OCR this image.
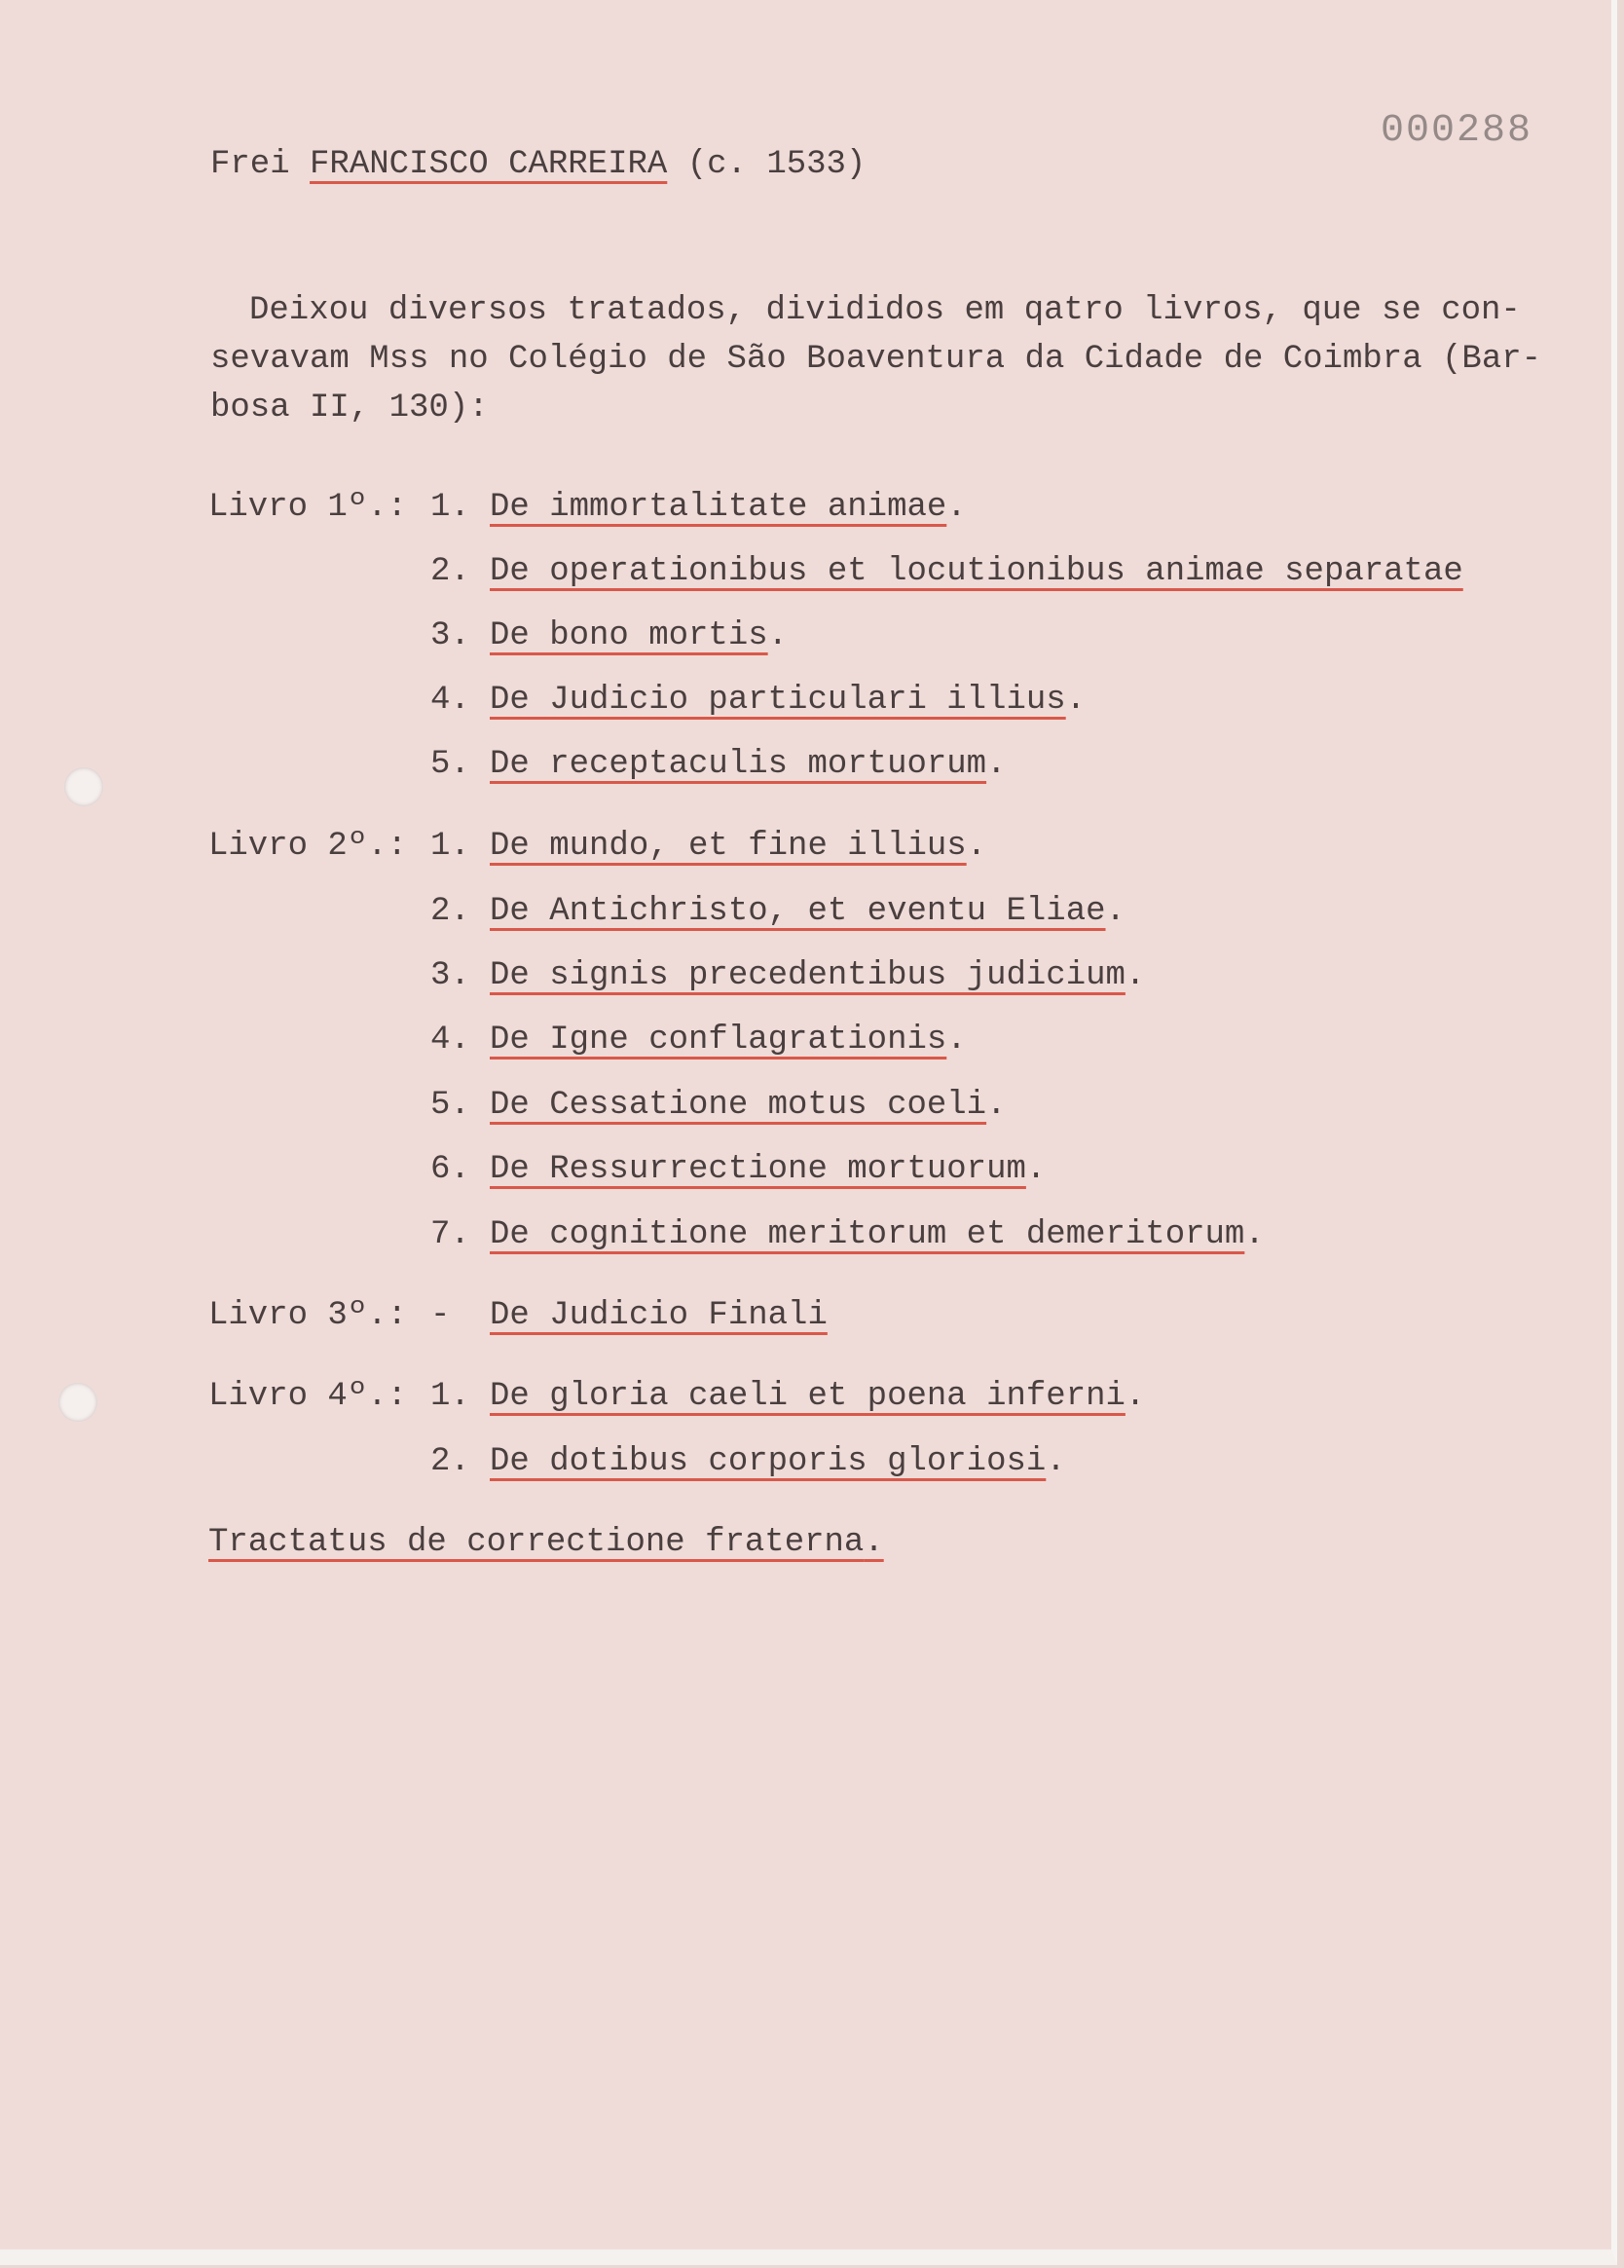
000288
Frei FRANCISCO CARREIRA (c. 1533)
Deixou diversos tratados, divididos em qatro livros, que se con-
sevavam Mss no Colégio de São Boaventura da Cidade de Coimbra (Bar-
bosa II, 130):
Livro 1º.: 1. De immortalitate animae.
2. De operationibus et locutionibus animae separatae
3. De bono mortis.
4. De Judicio particulari illius.
5. De receptaculis mortuorum.
Livro 2º.: 1. De mundo, et fine illius.
2. De Antichristo, et eventu Eliae.
3. De signis precedentibus judicium.
4. De Igne conflagrationis.
5. De Cessatione motus coeli.
6. De Ressurrectione mortuorum.
7. De cognitione meritorum et demeritorum.
Livro 3º.: - De Judicio Finali
Livro 4º.: 1. De gloria caeli et poena inferni.
2. De dotibus corporis gloriosi.
Tractatus de correctione fraterna.
